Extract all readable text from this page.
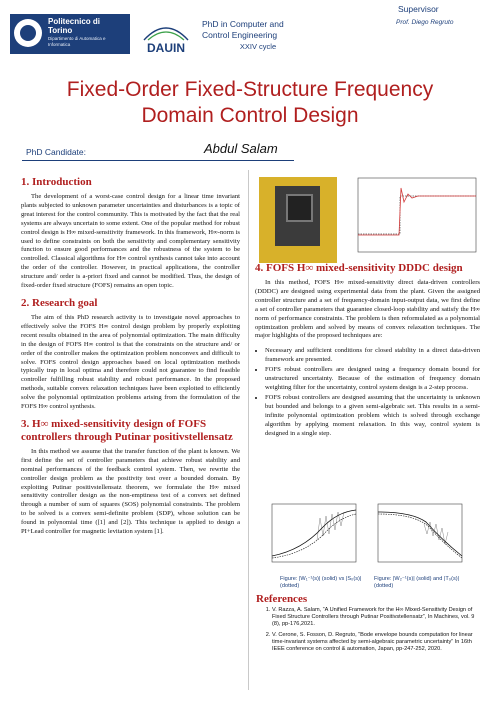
Politecnico di Torino
Dipartimento di Automatica e Informatica	DAUIN
PhD in Computer and
Control Engineering
XXIV cycle
Supervisor
Prof. Diego Regruto
Fixed-Order Fixed-Structure Frequency
Domain Control Design
PhD Candidate:	Abdul Salam
1. Introduction

The development of a worst-case control design for a linear time invariant plants subjected to unknown parameter uncertainties and disturbances is a topic of great interest for the control community. This is motivated by the fact that the real systems are always uncertain to some extent. One of the popular method for robust control design is H∞ mixed-sensitivity framework. In this framework, H∞-norm is used to define constraints on both the sensitivity and complementary sensitivity function to ensure good performances and the robustness of the system to be controlled. Classical algorithms for H∞ control synthesis cannot take into account the order of the controller. However, in practical applications, the controller structure and/ order is a-priori fixed and cannot be modified. Thus, the design of fixed-order fixed structure (FOFS) remains an open topic.

2. Research goal

The aim of this PhD research activity is to investigate novel approaches to effectively solve the FOFS H∞ control design problem by properly exploiting recent results obtained in the area of polynomial optimization. The main difficulty in the design of FOFS H∞ control is that the constraints on the structure and/ or order of the controller makes the optimization problem nonconvex and difficult to solve. FOFS control design approaches based on local optimization methods typically trap in local optima and therefore could not guarantee to find feasible controller fulfilling robust stability and robust performance. In the proposed methods, suitable convex relaxation techniques have been exploited to efficiently solve the polynomial optimization problems arising from the formulation of the FOFS H∞ control synthesis.

3. H∞ mixed-sensitivity design of FOFS controllers through Putinar positivstellensatz

In this method we assume that the transfer function of the plant is known. We first define the set of controller parameters that achieve robust stability and nominal performances of the feedback control system. Then, we rewrite the controller design problem as the positivity test over a bounded domain. By exploiting Putinar positivstellensatz theorem, we formulate the H∞ mixed sensitivity controller design as the non-emptiness test of a convex set defined through a number of sum of squares (SOS) polynomial constraints. The problem to be solved is a convex semi-definite problem (SDP), whose solution can be found in polynomial time ([1] and [2]). This technique is applied to design a PI+Lead controller for magnetic levitation system [1].

4. FOFS H∞ mixed-sensitivity DDDC design

In this method, FOFS H∞ mixed-sensitivity direct data-driven controllers (DDDC) are designed using experimental data from the plant. Given the assigned controller structure and a set of frequency-domain input-output data, we first define a set of controller parameters that guarantee closed-loop stability and satisfy the H∞ norm of performance constraints. The problem is then reformulated as a polynomial optimization problem and solved by means of convex relaxation techniques. The major highlights of the proposed techniques are:

• Necessary and sufficient conditions for closed stability in a direct data-driven framework are presented.
• FOFS robust controllers are designed using a frequency domain bound for unstructured uncertainty. Because of the estimation of frequency domain weighting filter for the uncertainty, control system design is a 2-step process.
• FOFS robust controllers are designed assuming that the uncertainty is unknown but bounded and belongs to a given semi-algebraic set. This results in a semi-infinite polynomial optimization problem which is solved through exchange algorithm by applying moment relaxation. In this way, control system is designed in a single step.
Figure: |W₁⁻¹(s)| (solid) vs |S₀(s)| (dotted)
Figure: |W₂⁻¹(s)| (solid) and |T₀(s)| (dotted)
References
1. V. Razza, A. Salam, “A Unified Framework for the H∞ Mixed-Sensitivity Design of Fixed Structure Controllers through Putinar Positivstellensatz”, In Machines, vol. 9 (8), pp-176,2021.
2. V. Cerone, S. Fosson, D. Regruto, “Bode envelope bounds computation for linear time-invariant systems affected by semi-algebraic parametric uncertainty” In 16th IEEE conference on control & automation, Japan, pp-247-252, 2020.
